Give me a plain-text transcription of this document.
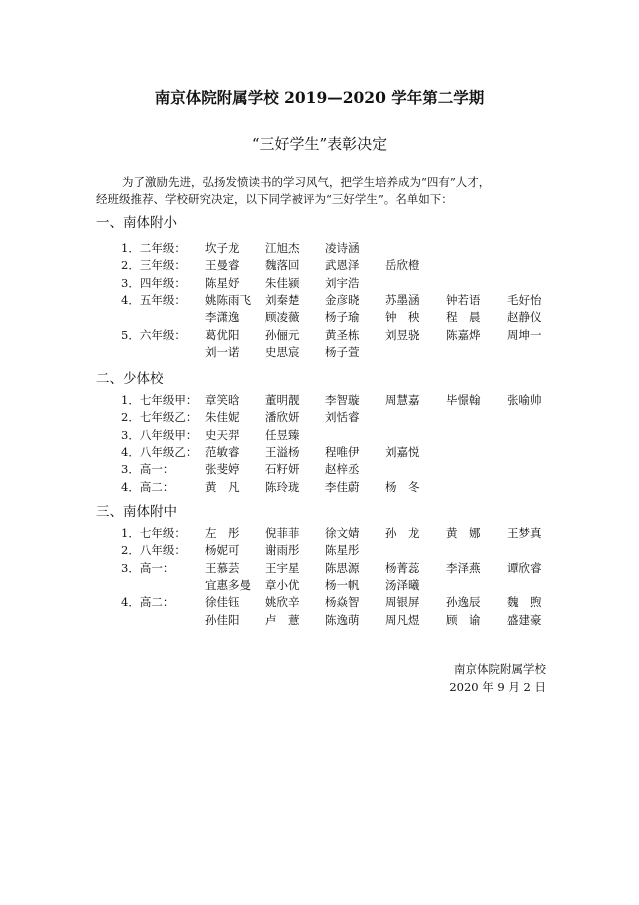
南京体院附属学校 2019—2020 学年第二学期
“三好学生”表彰决定

为了激励先进，弘扬发愤读书的学习风气，把学生培养成为“四有”人才，

经班级推荐、学校研究决定，以下同学被评为“三好学生”。名单如下：

一、南体附小
1．二年级： 坎子龙 江旭杰 凌诗涵
2．三年级： 王曼睿 魏落回 武恩泽 岳欣橙
3．四年级： 陈星妤 朱佳颍 刘宇浩
4．五年级： 姚陈雨飞 刘秦楚 金彦晓 苏墨涵 钟若语 毛好怡
李潇逸 顾凌薇 杨子瑜 钟　秧 程　晨 赵静仪
5．六年级： 葛优阳 孙俪元 黄圣栋 刘昱骁 陈嘉烨 周坤一
刘一诺 史思宸 杨子萱
二、少体校
1．七年级甲： 章笑晗 董明靓 李智璇 周慧嘉 毕憬翰 张喻帅
2．七年级乙： 朱佳妮 潘欣妍 刘恬睿
3．八年级甲： 史天羿 任昱臻
4．八年级乙： 范敏睿 王溢杨 程唯伊 刘嘉悦
3．高一：	张斐婷 石籽妍 赵梓丞
4．高二：	黄　凡 陈玲珑 李佳蔚 杨　冬
三、南体附中
1．七年级： 左　彤 倪菲菲 徐文婧 孙　龙 黄　娜 王梦真
2．八年级： 杨妮可 谢雨彤 陈星彤
3．高一：	王慕芸 王宇星 陈思源 杨菁蕊 李泽燕 谭欣睿
宜惠多曼 章小优 杨一帆 汤泽曦
4．高二：	徐佳钰 姚欣辛 杨焱智 周银屏 孙逸辰 魏　煦
孙佳阳 卢　薏 陈逸萌 周凡煜 顾　谕 盛建豪
南京体院附属学校
2020 年 9 月 2 日
